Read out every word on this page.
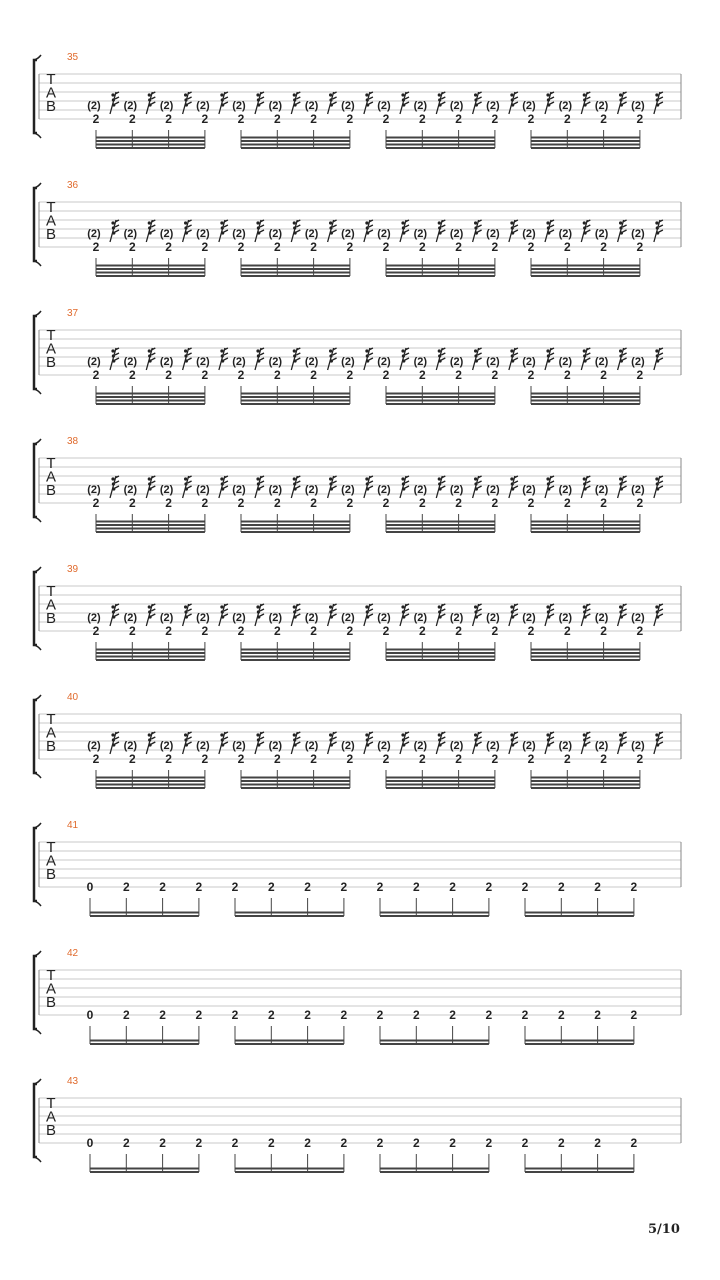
35
T
A
B
2
(2)
2
(2)
2
(2)
2
(2)
2
(2)
2
(2)
2
(2)
2
(2)
2
(2)
2
(2)
2
(2)
2
(2)
2
(2)
2
(2)
2
(2)
2
(2)
36
T
A
B
2
(2)
2
(2)
2
(2)
2
(2)
2
(2)
2
(2)
2
(2)
2
(2)
2
(2)
2
(2)
2
(2)
2
(2)
2
(2)
2
(2)
2
(2)
2
(2)
37
T
A
B
2
(2)
2
(2)
2
(2)
2
(2)
2
(2)
2
(2)
2
(2)
2
(2)
2
(2)
2
(2)
2
(2)
2
(2)
2
(2)
2
(2)
2
(2)
2
(2)
38
T
A
B
2
(2)
2
(2)
2
(2)
2
(2)
2
(2)
2
(2)
2
(2)
2
(2)
2
(2)
2
(2)
2
(2)
2
(2)
2
(2)
2
(2)
2
(2)
2
(2)
39
T
A
B
2
(2)
2
(2)
2
(2)
2
(2)
2
(2)
2
(2)
2
(2)
2
(2)
2
(2)
2
(2)
2
(2)
2
(2)
2
(2)
2
(2)
2
(2)
2
(2)
40
T
A
B
2
(2)
2
(2)
2
(2)
2
(2)
2
(2)
2
(2)
2
(2)
2
(2)
2
(2)
2
(2)
2
(2)
2
(2)
2
(2)
2
(2)
2
(2)
2
(2)
41
T
A
B
0 2 2 2 2 2 2 2 2 2 2 2 2 2 2 2
42
T
A
B
0 2 2 2 2 2 2 2 2 2 2 2 2 2 2 2
43
T
A
B
0 2 2 2 2 2 2 2 2 2 2 2 2 2 2 2
5/10
